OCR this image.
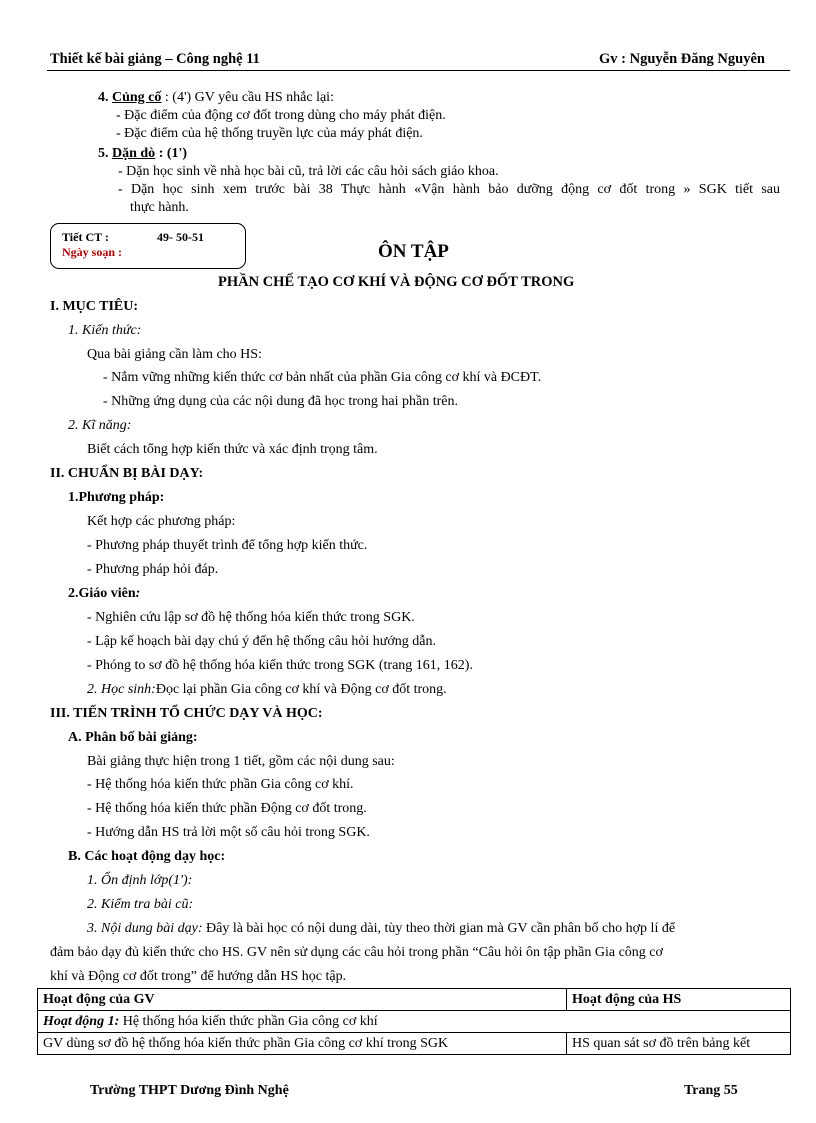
Thiết kế bài giảng – Công nghệ 11	Gv : Nguyễn Đăng Nguyên
4. Củng cố : (4') GV yêu cầu HS nhắc lại:
- Đặc điểm của động cơ đốt trong dùng cho máy phát điện.
- Đặc điểm của hệ thống truyền lực của máy phát điện.
5. Dặn dò : (1')
- Dặn học sinh về nhà học bài cũ, trả lời các câu hỏi sách giáo khoa.
- Dặn học sinh xem trước bài 38 Thực hành «Vận hành bảo dưỡng động cơ đốt trong » SGK tiết sau
thực hành.
Tiết CT :	49- 50-51
Ngày soạn :	ÔN TẬP
PHẦN CHẾ TẠO CƠ KHÍ VÀ ĐỘNG CƠ ĐỐT TRONG
I. MỤC TIÊU:
1. Kiến thức:
Qua bài giảng cần làm cho HS:
- Nắm vững những kiến thức cơ bản nhất của phần Gia công cơ khí và ĐCĐT.
- Những ứng dụng của các nội dung đã học trong hai phần trên.
2. Kĩ năng:
Biết cách tổng hợp kiến thức và xác định trọng tâm.
II. CHUẨN BỊ BÀI DẠY:
1.Phương pháp:
Kết hợp các phương pháp:
- Phương pháp thuyết trình để tổng hợp kiến thức.
- Phương pháp hỏi đáp.
2.Giáo viên:
- Nghiên cứu lập sơ đồ hệ thống hóa kiến thức trong SGK.
- Lập kế hoạch bài dạy chú ý đến hệ thống câu hỏi hướng dẫn.
- Phóng to sơ đồ hệ thống hóa kiến thức trong SGK (trang 161, 162).
2. Học sinh:Đọc lại phần Gia công cơ khí và Động cơ đốt trong.
III. TIẾN TRÌNH TỔ CHỨC DẠY VÀ HỌC:
A. Phân bố bài giảng:
Bài giảng thực hiện trong 1 tiết, gồm các nội dung sau:
- Hệ thống hóa kiến thức phần Gia công cơ khí.
- Hệ thống hóa kiến thức phần Động cơ đốt trong.
- Hướng dẫn HS trả lời một số câu hỏi trong SGK.
B. Các hoạt động dạy học:
1. Ổn định lớp(1'):
2. Kiểm tra bài cũ:
3. Nội dung bài dạy: Đây là bài học có nội dung dài, tùy theo thời gian mà GV cần phân bố cho hợp lí để
đảm bảo dạy đủ kiến thức cho HS. GV nên sử dụng các câu hỏi trong phần “Câu hỏi ôn tập phần Gia công cơ
khí và Động cơ đốt trong” để hướng dẫn HS học tập.
Hoạt động của GV	Hoạt động của HS
Hoạt động 1: Hệ thống hóa kiến thức phần Gia công cơ khí	
GV dùng sơ đồ hệ thống hóa kiến thức phần Gia công cơ khí trong SGK	HS quan sát sơ đồ trên bảng kết
Trường THPT Dương Đình Nghệ	Trang 55
